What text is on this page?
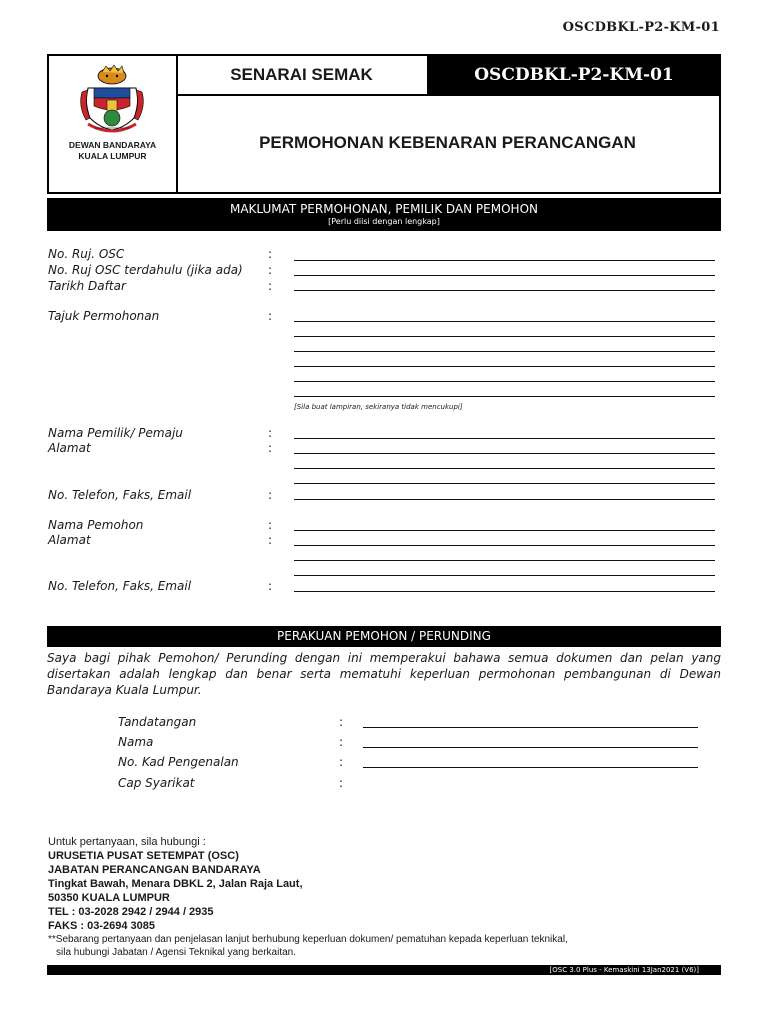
OSCDBKL-P2-KM-01
DEWAN BANDARAYA
KUALA LUMPUR
SENARAI SEMAK	OSCDBKL-P2-KM-01
PERMOHONAN KEBENARAN PERANCANGAN
MAKLUMAT PERMOHONAN, PEMILIK DAN PEMOHON
[Perlu diisi dengan lengkap]
No. Ruj. OSC	:
No. Ruj OSC terdahulu (jika ada) :
Tarikh Daftar	:
Tajuk Permohonan	:
[Sila buat lampiran, sekiranya tidak mencukupi]
Nama Pemilik/ Pemaju	:
Alamat	:
No. Telefon, Faks, Email	:
Nama Pemohon	:
Alamat	:
No. Telefon, Faks, Email	:
PERAKUAN PEMOHON / PERUNDING
Saya bagi pihak Pemohon/ Perunding dengan ini memperakui bahawa semua dokumen dan pelan yang disertakan adalah lengkap dan benar serta mematuhi keperluan permohonan pembangunan di Dewan Bandaraya Kuala Lumpur.
Tandatangan	:
Nama	:
No. Kad Pengenalan	:
Cap Syarikat	:
Untuk pertanyaan, sila hubungi :
URUSETIA PUSAT SETEMPAT (OSC)
JABATAN PERANCANGAN BANDARAYA
Tingkat Bawah, Menara DBKL 2, Jalan Raja Laut,
50350 KUALA LUMPUR
TEL : 03-2028 2942 / 2944 / 2935
FAKS : 03-2694 3085
**Sebarang pertanyaan dan penjelasan lanjut berhubung keperluan dokumen/ pematuhan kepada keperluan teknikal,
sila hubungi Jabatan / Agensi Teknikal yang berkaitan.
[OSC 3.0 Plus - Kemaskini 13Jan2021 (V6)]
